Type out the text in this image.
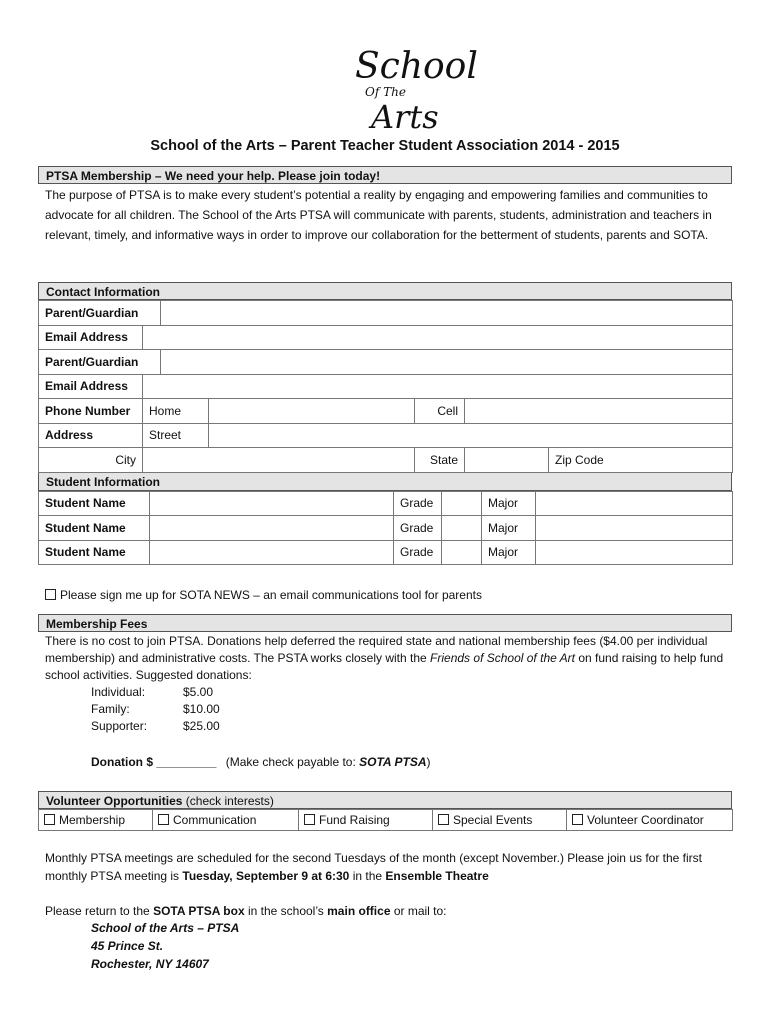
School
Of The
Arts
School of the Arts – Parent Teacher Student Association 2014 - 2015
PTSA Membership – We need your help. Please join today!
The purpose of PTSA is to make every student’s potential a reality by engaging and empowering families and communities to advocate for all children. The School of the Arts PTSA will communicate with parents, students, administration and teachers in relevant, timely, and informative ways in order to improve our collaboration for the betterment of students, parents and SOTA.
Contact Information
Parent/Guardian						
Email Address						
Parent/Guardian						
Email Address						
Phone Number	Home			Cell		
Address	Street					
City				State		Zip Code
Student Information
Student Name		Grade		Major	
Student Name		Grade		Major	
Student Name		Grade		Major	
Please sign me up for SOTA NEWS – an email communications tool for parents
Membership Fees
There is no cost to join PTSA. Donations help deferred the required state and national membership fees ($4.00 per individual membership) and administrative costs. The PSTA works closely with the Friends of School of the Art on fund raising to help fund school activities. Suggested donations:
Individual:	$5.00
Family:	$10.00
Supporter:	$25.00
Donation $ _________ (Make check payable to: SOTA PTSA)
Volunteer Opportunities (check interests)
Membership	Communication	Fund Raising	Special Events	Volunteer Coordinator
Monthly PTSA meetings are scheduled for the second Tuesdays of the month (except November.) Please join us for the first monthly PTSA meeting is Tuesday, September 9 at 6:30 in the Ensemble Theatre
Please return to the SOTA PTSA box in the school’s main office or mail to:
School of the Arts – PTSA
45 Prince St.
Rochester, NY 14607
